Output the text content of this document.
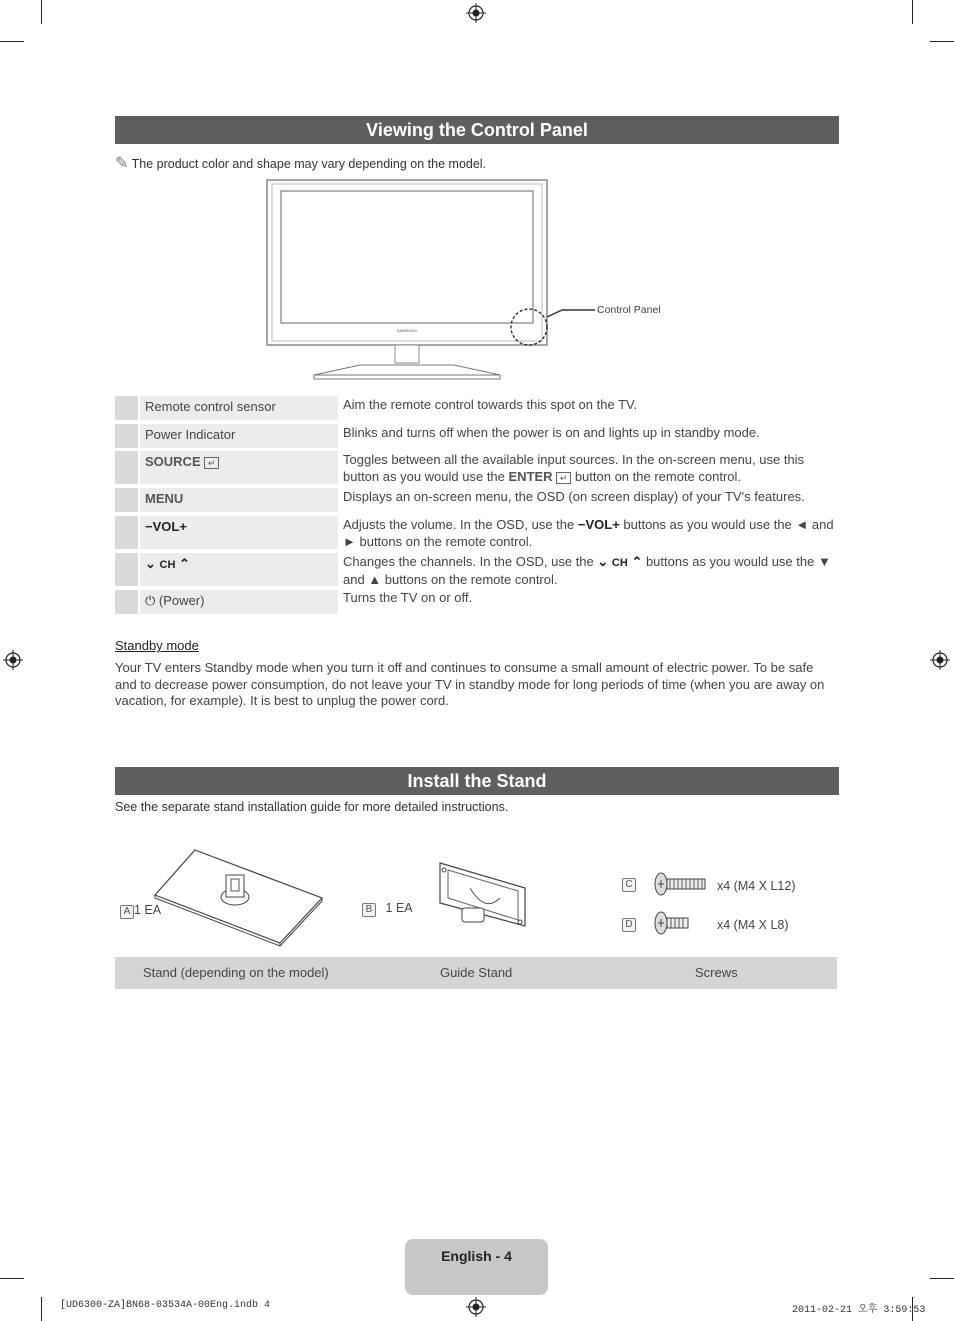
Viewing the Control Panel
✎ The product color and shape may vary depending on the model.
SAMSUNG
Control Panel
Remote control sensor	Aim the remote control towards this spot on the TV.
Power Indicator	Blinks and turns off when the power is on and lights up in standby mode.
SOURCE ↵	Toggles between all the available input sources. In the on-screen menu, use this button as you would use the ENTER ↵ button on the remote control.
MENU	Displays an on-screen menu, the OSD (on screen display) of your TV's features.
−VOL+	Adjusts the volume. In the OSD, use the −VOL+ buttons as you would use the ◄ and ► buttons on the remote control.
⌄ CH ⌃	Changes the channels. In the OSD, use the ⌄ CH ⌃ buttons as you would use the ▼ and ▲ buttons on the remote control.
⏻ (Power)	Turns the TV on or off.
Standby mode
Your TV enters Standby mode when you turn it off and continues to consume a small amount of electric power. To be safe and to decrease power consumption, do not leave your TV in standby mode for long periods of time (when you are away on vacation, for example). It is best to unplug the power cord.
Install the Stand
See the separate stand installation guide for more detailed instructions.
A 1 EA	B 1 EA
C	x4 (M4 X L12)
D	x4 (M4 X L8)
Stand (depending on the model)	Guide Stand	Screws
English - 4
[UD6300-ZA]BN68-03534A-00Eng.indb 4	2011-02-21 오후 3:59:53
